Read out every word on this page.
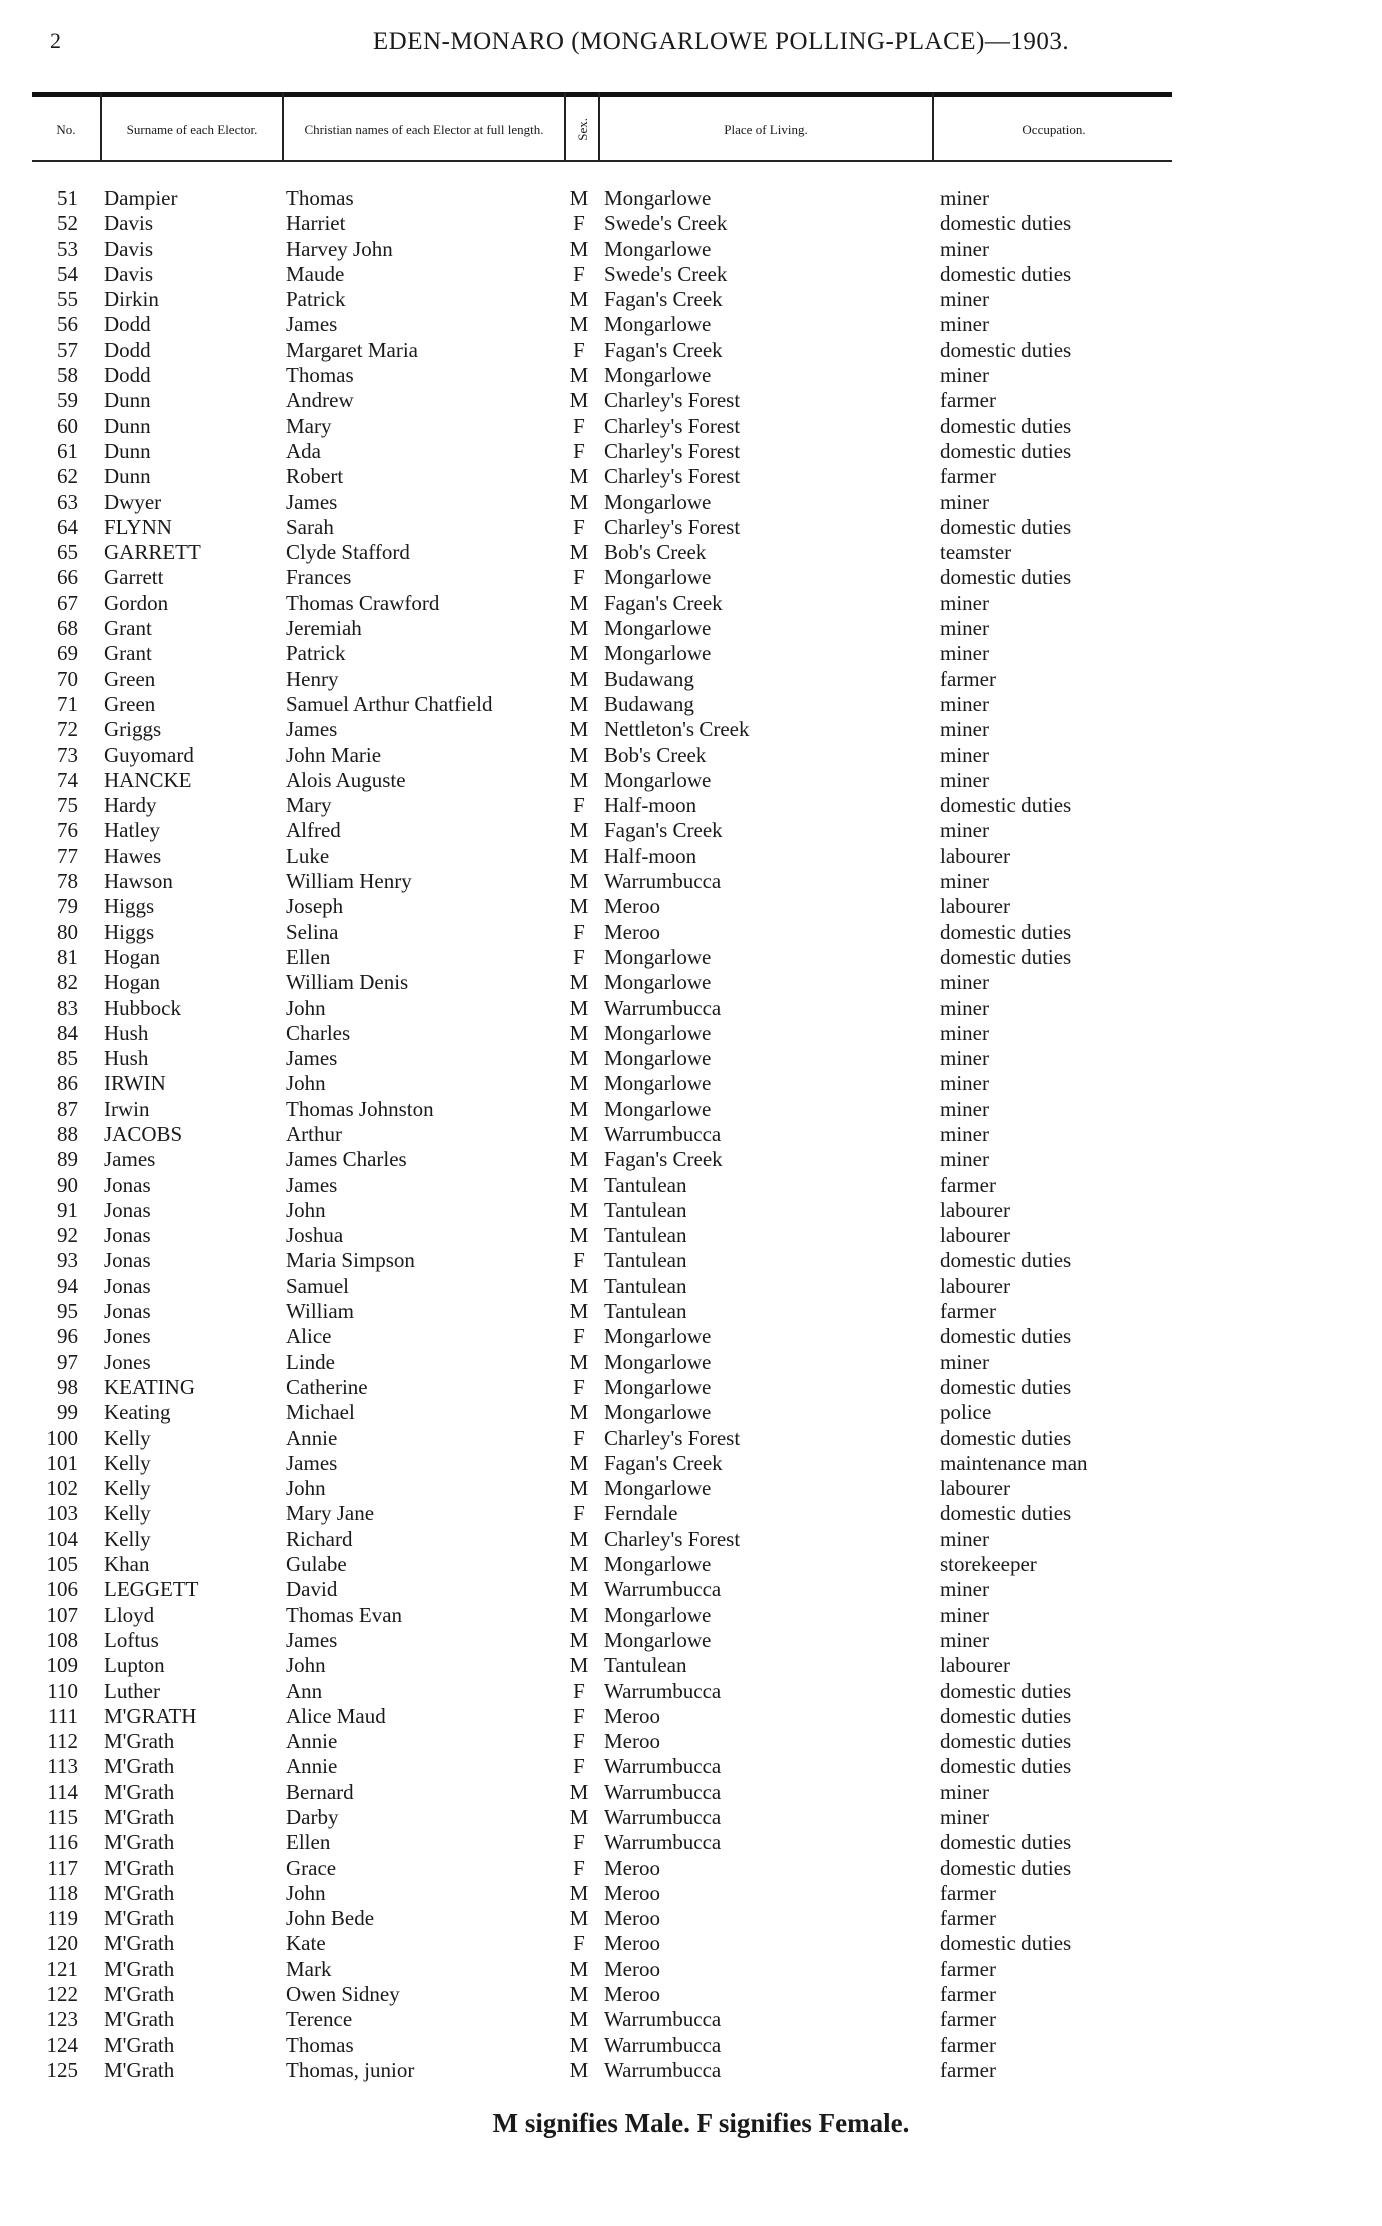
2	EDEN-MONARO (MONGARLOWE POLLING-PLACE)—1903.
No.	Surname of each Elector.	Christian names of each Elector at full length.	Sex.	Place of Living.	Occupation.
51 Dampier	Thomas	M Mongarlowe	miner
52 Davis	Harriet	F Swede's Creek	domestic duties
53 Davis	Harvey John	M Mongarlowe	miner
54 Davis	Maude	F Swede's Creek	domestic duties
55 Dirkin	Patrick	M Fagan's Creek	miner
56 Dodd	James	M Mongarlowe	miner
57 Dodd	Margaret Maria	F Fagan's Creek	domestic duties
58 Dodd	Thomas	M Mongarlowe	miner
59 Dunn	Andrew	M Charley's Forest	farmer
60 Dunn	Mary	F Charley's Forest	domestic duties
61 Dunn	Ada	F Charley's Forest	domestic duties
62 Dunn	Robert	M Charley's Forest	farmer
63 Dwyer	James	M Mongarlowe	miner
64 FLYNN	Sarah	F Charley's Forest	domestic duties
65 GARRETT	Clyde Stafford	M Bob's Creek	teamster
66 Garrett	Frances	F Mongarlowe	domestic duties
67 Gordon	Thomas Crawford	M Fagan's Creek	miner
68 Grant	Jeremiah	M Mongarlowe	miner
69 Grant	Patrick	M Mongarlowe	miner
70 Green	Henry	M Budawang	farmer
71 Green	Samuel Arthur Chatfield	M Budawang	miner
72 Griggs	James	M Nettleton's Creek	miner
73 Guyomard	John Marie	M Bob's Creek	miner
74 HANCKE	Alois Auguste	M Mongarlowe	miner
75 Hardy	Mary	F Half-moon	domestic duties
76 Hatley	Alfred	M Fagan's Creek	miner
77 Hawes	Luke	M Half-moon	labourer
78 Hawson	William Henry	M Warrumbucca	miner
79 Higgs	Joseph	M Meroo	labourer
80 Higgs	Selina	F Meroo	domestic duties
81 Hogan	Ellen	F Mongarlowe	domestic duties
82 Hogan	William Denis	M Mongarlowe	miner
83 Hubbock	John	M Warrumbucca	miner
84 Hush	Charles	M Mongarlowe	miner
85 Hush	James	M Mongarlowe	miner
86 IRWIN	John	M Mongarlowe	miner
87 Irwin	Thomas Johnston	M Mongarlowe	miner
88 JACOBS	Arthur	M Warrumbucca	miner
89 James	James Charles	M Fagan's Creek	miner
90 Jonas	James	M Tantulean	farmer
91 Jonas	John	M Tantulean	labourer
92 Jonas	Joshua	M Tantulean	labourer
93 Jonas	Maria Simpson	F Tantulean	domestic duties
94 Jonas	Samuel	M Tantulean	labourer
95 Jonas	William	M Tantulean	farmer
96 Jones	Alice	F Mongarlowe	domestic duties
97 Jones	Linde	M Mongarlowe	miner
98 KEATING	Catherine	F Mongarlowe	domestic duties
99 Keating	Michael	M Mongarlowe	police
100 Kelly	Annie	F Charley's Forest	domestic duties
101 Kelly	James	M Fagan's Creek	maintenance man
102 Kelly	John	M Mongarlowe	labourer
103 Kelly	Mary Jane	F Ferndale	domestic duties
104 Kelly	Richard	M Charley's Forest	miner
105 Khan	Gulabe	M Mongarlowe	storekeeper
106 LEGGETT	David	M Warrumbucca	miner
107 Lloyd	Thomas Evan	M Mongarlowe	miner
108 Loftus	James	M Mongarlowe	miner
109 Lupton	John	M Tantulean	labourer
110 Luther	Ann	F Warrumbucca	domestic duties
111 M'GRATH	Alice Maud	F Meroo	domestic duties
112 M'Grath	Annie	F Meroo	domestic duties
113 M'Grath	Annie	F Warrumbucca	domestic duties
114 M'Grath	Bernard	M Warrumbucca	miner
115 M'Grath	Darby	M Warrumbucca	miner
116 M'Grath	Ellen	F Warrumbucca	domestic duties
117 M'Grath	Grace	F Meroo	domestic duties
118 M'Grath	John	M Meroo	farmer
119 M'Grath	John Bede	M Meroo	farmer
120 M'Grath	Kate	F Meroo	domestic duties
121 M'Grath	Mark	M Meroo	farmer
122 M'Grath	Owen Sidney	M Meroo	farmer
123 M'Grath	Terence	M Warrumbucca	farmer
124 M'Grath	Thomas	M Warrumbucca	farmer
125 M'Grath	Thomas, junior	M Warrumbucca	farmer
M signifies Male. F signifies Female.
